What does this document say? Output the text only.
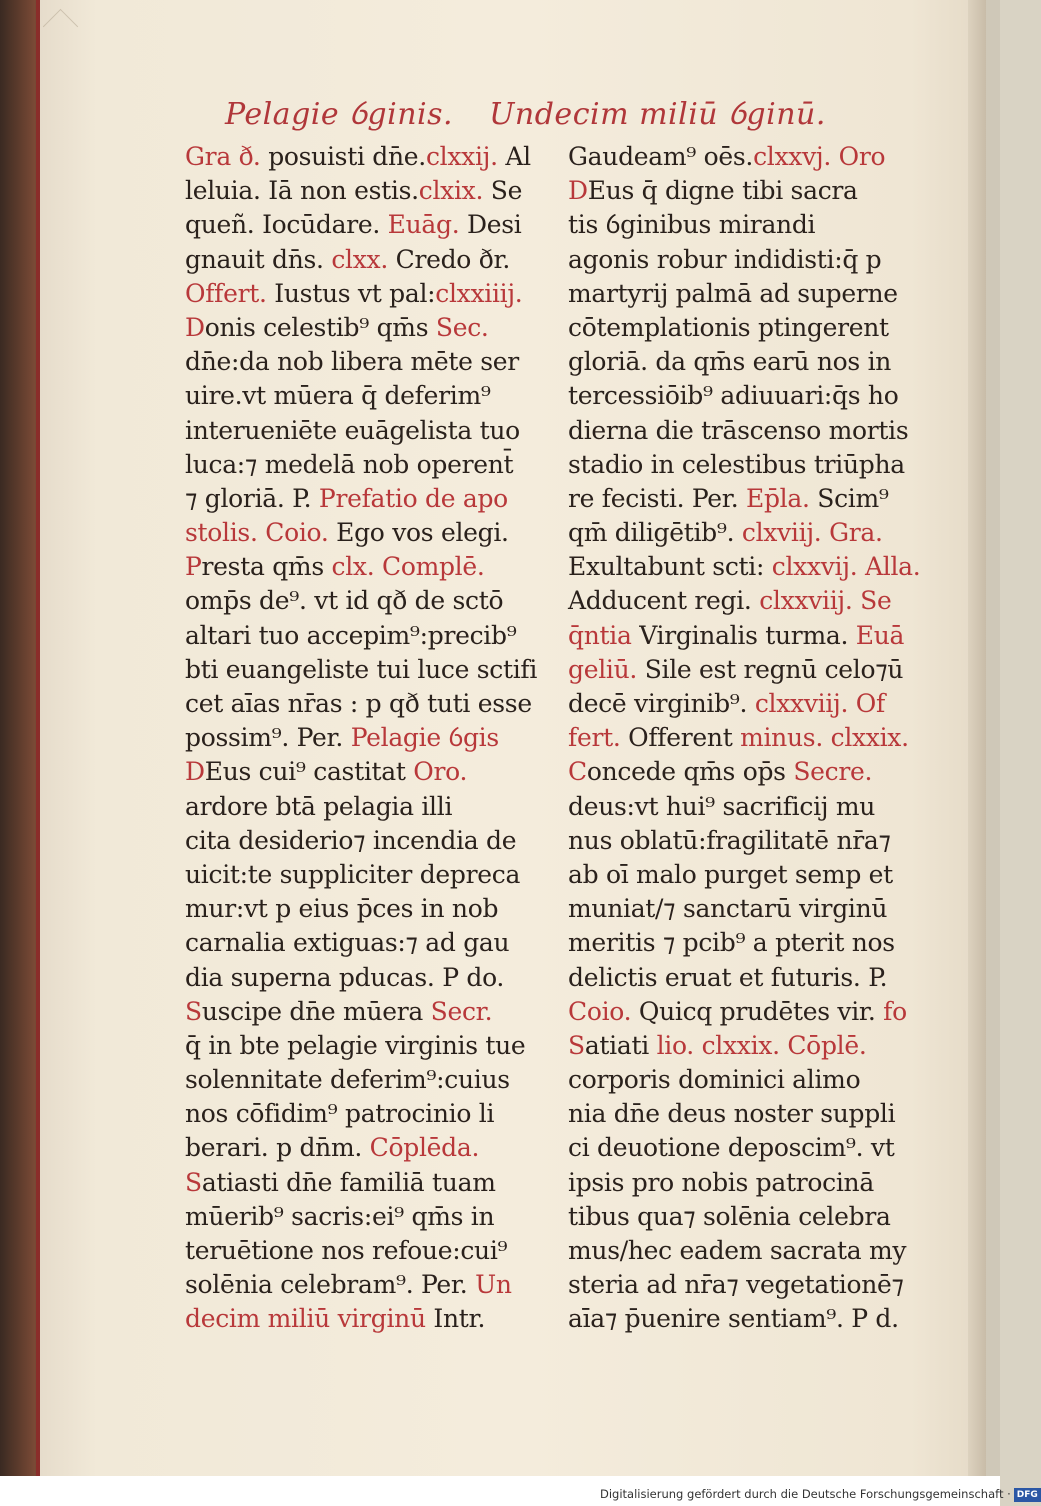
Pelagie ỽginis. Undecim miliū ỽginū.
Gra ð. posuisti dn̄e.clxxij. Al
leluia. Iā non estis.clxix. Se
queñ. Iocūdare. Euāg. Desi
gnauit dn̄s. clxx. Credo ðr.
Offert. Iustus vt pal:clxxiiij.
Donis celestib⁹ qm̄s Sec.
dn̄e:da nob libera mēte ser
uire.vt mūera q̄ deferim⁹
interueniēte euāgelista tuo
luca:⁊ medelā nob operent̄
⁊ gloriā. P. Prefatio de apo
stolis. Coio. Ego vos elegi.
Presta qm̄s clx. Complē.
omp̄s de⁹. vt id qð de sctō
altari tuo accepim⁹:precib⁹
bti euangeliste tui luce sctifi
cet aīas nr̄as : p qð tuti esse
possim⁹. Per. Pelagie ỽgis
DEus cui⁹ castitat Oro.
ardore btā pelagia illi
cita desiderio⁊ incendia de
uicit:te suppliciter depreca
mur:vt p eius p̄ces in nob
carnalia extiguas:⁊ ad gau
dia superna pducas. P do.
Suscipe dn̄e mūera Secr.
q̄ in bte pelagie virginis tue
solennitate deferim⁹:cuius
nos cōfidim⁹ patrocinio li
berari. p dn̄m. Cōplēda.
Satiasti dn̄e familiā tuam
mūerib⁹ sacris:ei⁹ qm̄s in
teruētione nos refoue:cui⁹
solēnia celebram⁹. Per. Un
decim miliū virginū Intr.
Gaudeam⁹ oēs.clxxvj. Oro
DEus q̄ digne tibi sacra
tis ỽginibus mirandi
agonis robur indidisti:q̄ p
martyrij palmā ad superne
cōtemplationis ptingerent
gloriā. da qm̄s earū nos in
tercessiōib⁹ adiuuari:q̄s ho
dierna die trāscenso mortis
stadio in celestibus triūpha
re fecisti. Per. Ep̄la. Scim⁹
qm̄ diligētib⁹. clxviij. Gra.
Exultabunt scti: clxxvij. Alla.
Adducent regi. clxxviij. Se
q̄ntia Virginalis turma. Euā
geliū. Sile est regnū celo⁊ū
decē virginib⁹. clxxviij. Of
fert. Offerent minus. clxxix.
Concede qm̄s op̄s Secre.
deus:vt hui⁹ sacrificij mu
nus oblatū:fragilitatē nr̄a⁊
ab oī malo purget semp et
muniat/⁊ sanctarū virginū
meritis ⁊ pcib⁹ a pterit nos
delictis eruat et futuris. P.
Coio. Quicq prudētes vir. fo
Satiati lio. clxxix. Cōplē.
corporis dominici alimo
nia dn̄e deus noster suppli
ci deuotione deposcim⁹. vt
ipsis pro nobis patrocinā
tibus qua⁊ solēnia celebra
mus/hec eadem sacrata my
steria ad nr̄a⁊ vegetationē⁊
aīa⁊ p̄uenire sentiam⁹. P d.
Digitalisierung gefördert durch die Deutsche Forschungsgemeinschaft · DFG
